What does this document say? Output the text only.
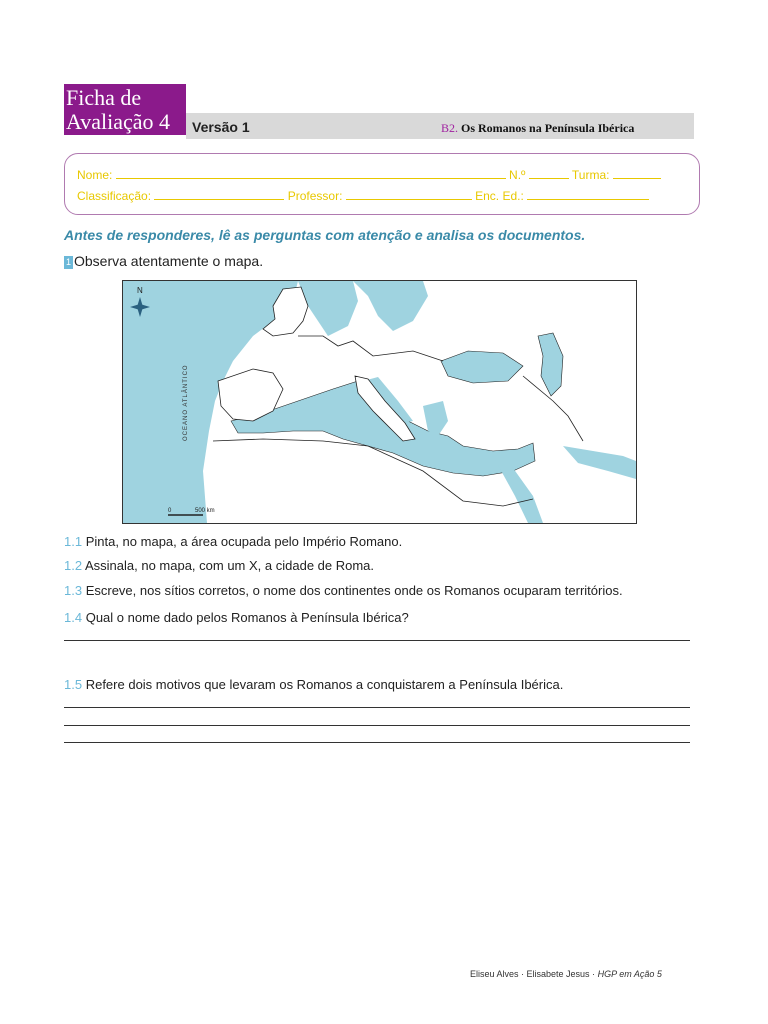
Ficha de
Avaliação 4	Versão 1	B2. Os Romanos na Península Ibérica
Nome:	N.º	Turma:
Classificação:	Professor:	Enc. Ed.:
Antes de responderes, lê as perguntas com atenção e analisa os documentos.
1 Observa atentamente o mapa.
N
OCEANO ATLÂNTICO
0	500 km
1.1 Pinta, no mapa, a área ocupada pelo Império Romano.
1.2 Assinala, no mapa, com um X, a cidade de Roma.
1.3 Escreve, nos sítios corretos, o nome dos continentes onde os Romanos ocuparam territórios.
1.4 Qual o nome dado pelos Romanos à Península Ibérica?
1.5 Refere dois motivos que levaram os Romanos a conquistarem a Península Ibérica.
Eliseu Alves · Elisabete Jesus · HGP em Ação 5
